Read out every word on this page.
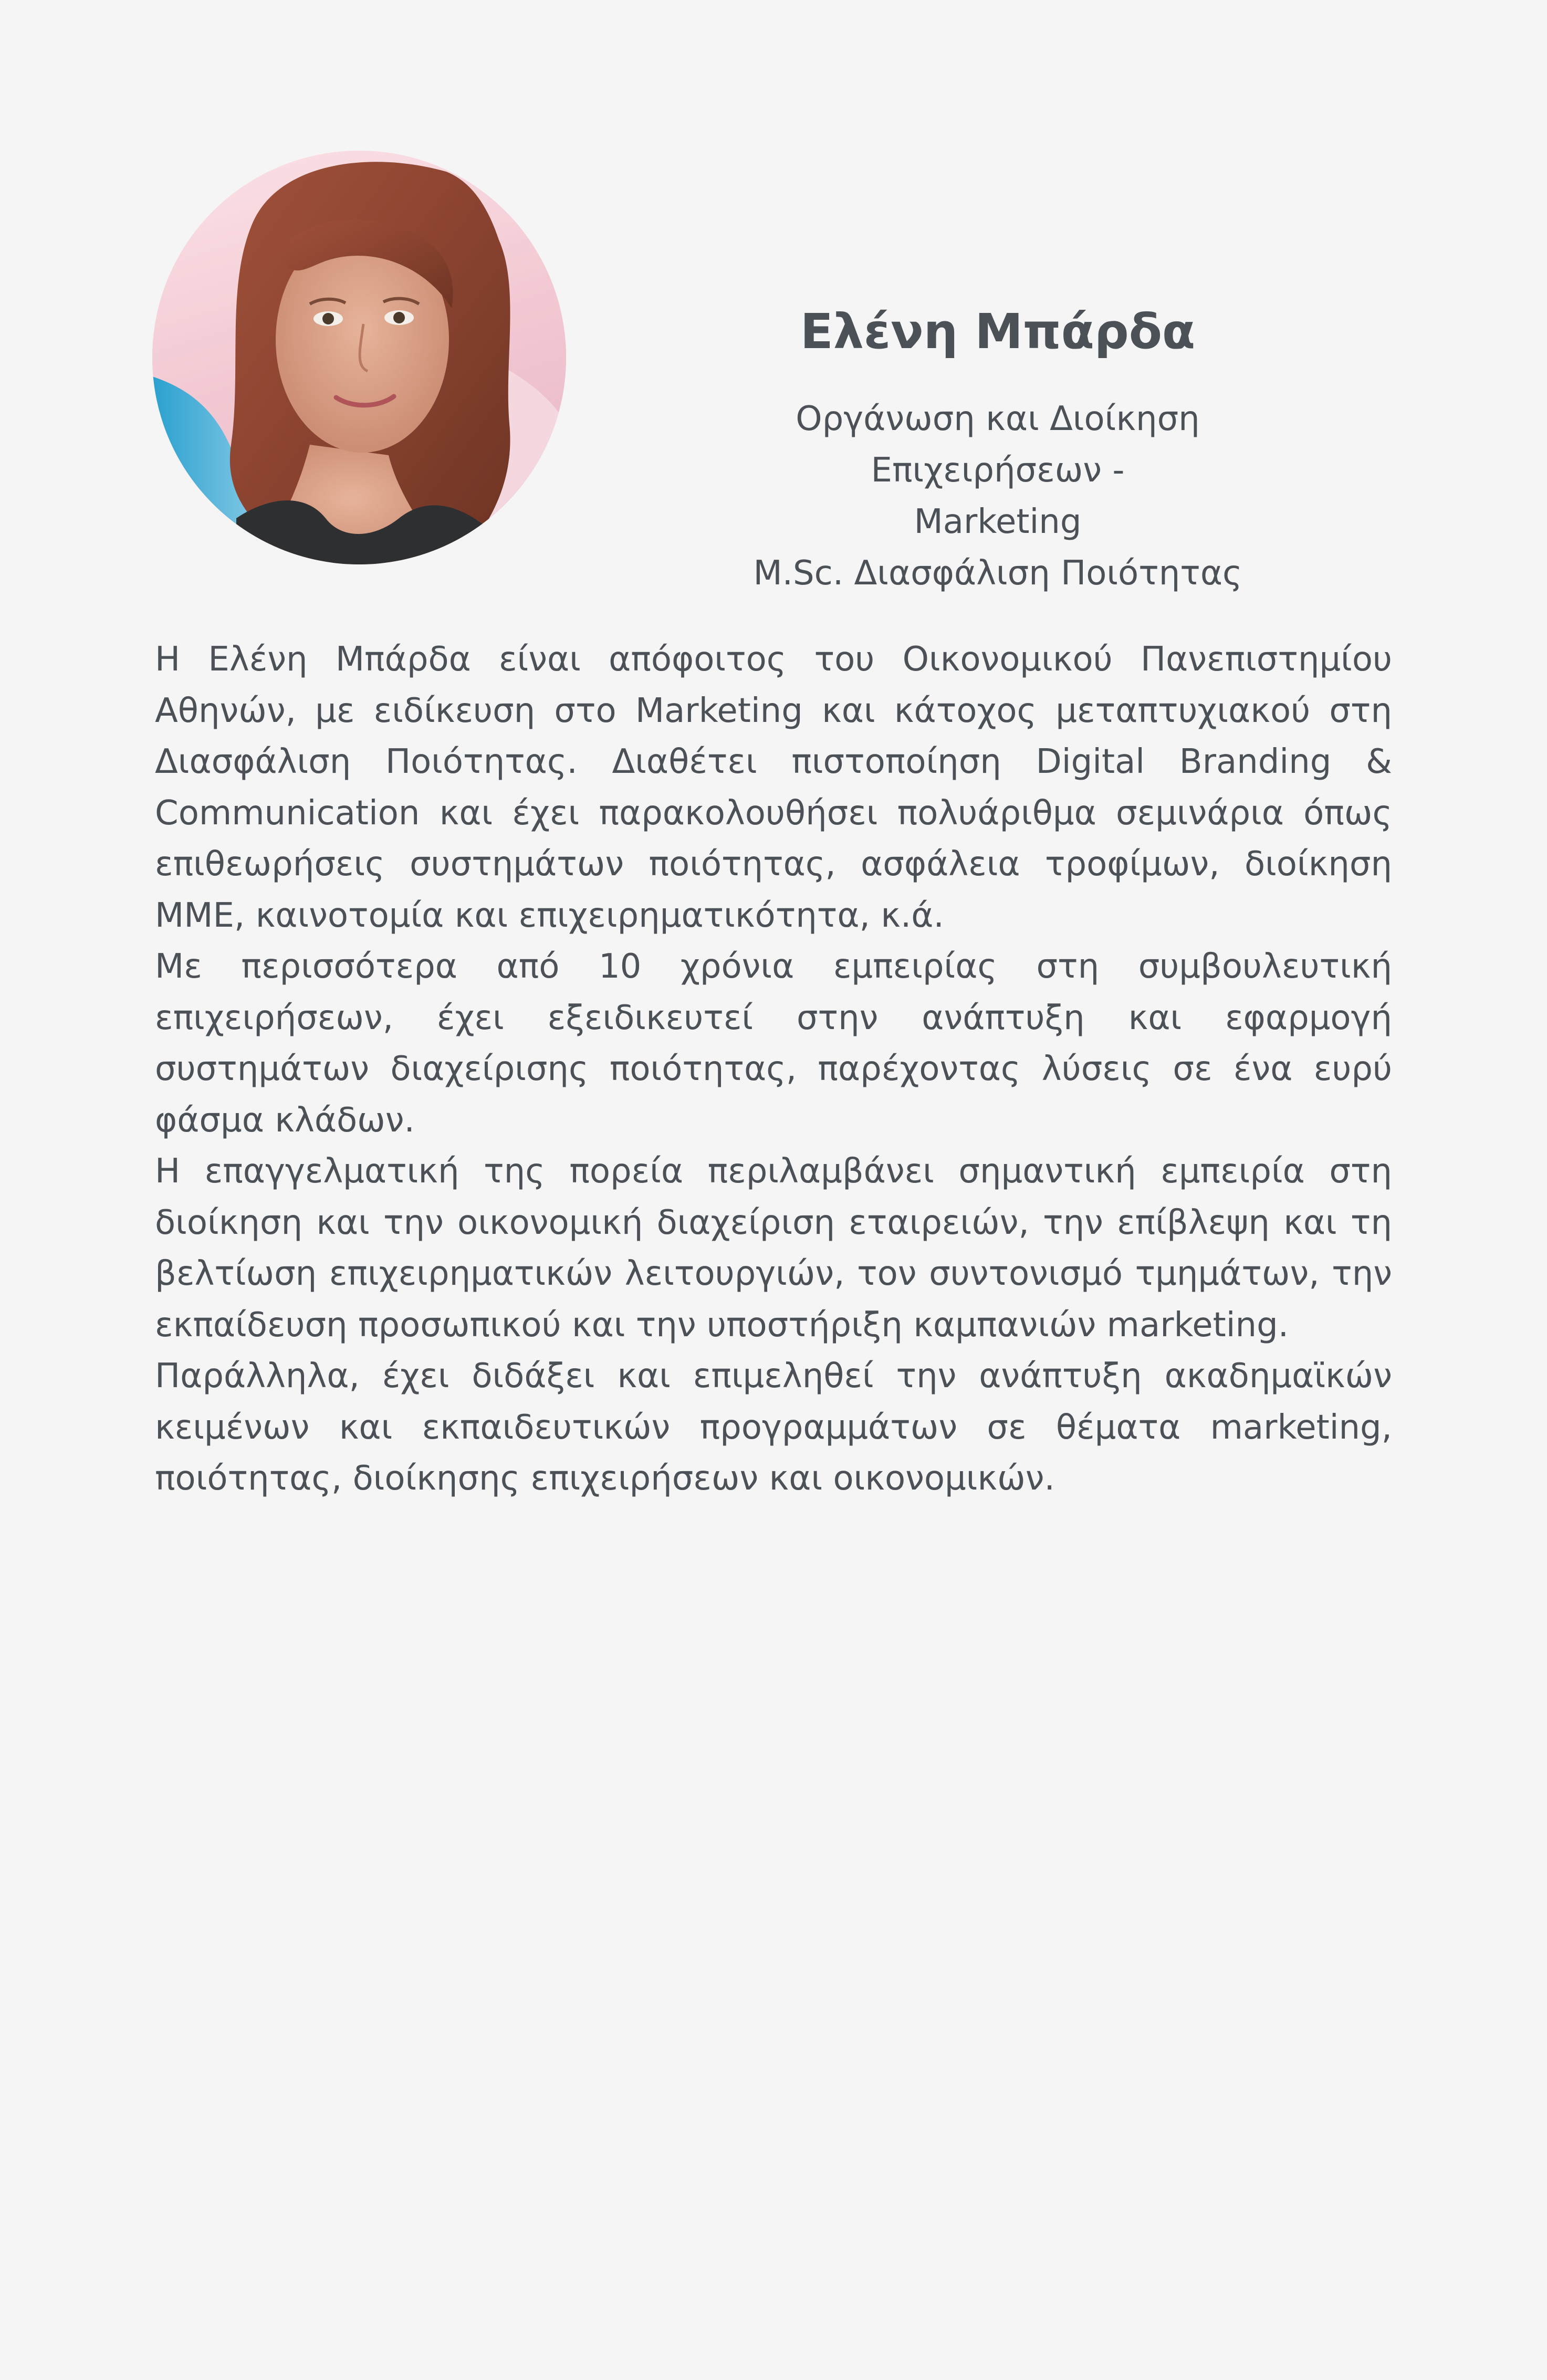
Ελένη Μπάρδα
Οργάνωση και Διοίκηση Επιχειρήσεων -
Marketing
M.Sc. Διασφάλιση Ποιότητας

Η Ελένη Μπάρδα είναι απόφοιτος του Οικονομικού Πανεπιστημίου Αθηνών, με ειδίκευση στο Marketing και κάτοχος μεταπτυχιακού στη Διασφάλιση Ποιότητας. Διαθέτει πιστοποίηση Digital Branding & Communication και έχει παρακολουθήσει πολυάριθμα σεμινάρια όπως επιθεωρήσεις συστημάτων ποιότητας, ασφάλεια τροφίμων, διοίκηση ΜΜΕ, καινοτομία και επιχειρηματικότητα, κ.ά.

Με περισσότερα από 10 χρόνια εμπειρίας στη συμβουλευτική επιχειρήσεων, έχει εξειδικευτεί στην ανάπτυξη και εφαρμογή συστημάτων διαχείρισης ποιότητας, παρέχοντας λύσεις σε ένα ευρύ φάσμα κλάδων.

Η επαγγελματική της πορεία περιλαμβάνει σημαντική εμπειρία στη διοίκηση και την οικονομική διαχείριση εταιρειών, την επίβλεψη και τη βελτίωση επιχειρηματικών λειτουργιών, τον συντονισμό τμημάτων, την εκπαίδευση προσωπικού και την υποστήριξη καμπανιών marketing.

Παράλληλα, έχει διδάξει και επιμεληθεί την ανάπτυξη ακαδημαϊκών κειμένων και εκπαιδευτικών προγραμμάτων σε θέματα marketing, ποιότητας, διοίκησης επιχειρήσεων και οικονομικών.
